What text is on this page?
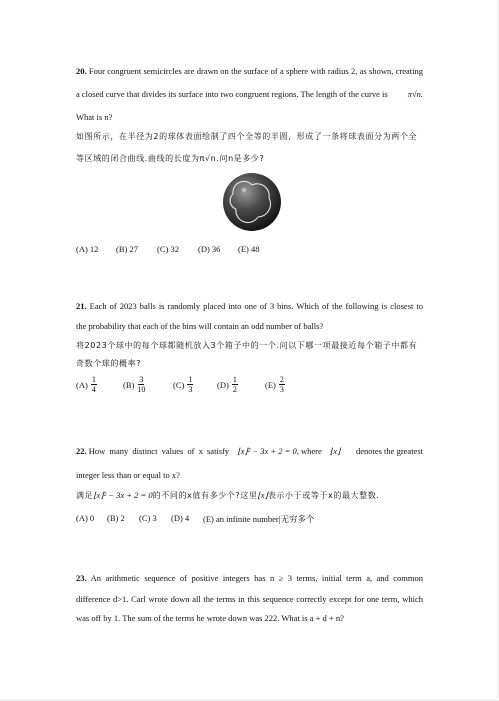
20. Four congruent semicircles are drawn on the surface of a sphere with radius 2, as shown, creating
a closed curve that divides its surface into two congruent regions. The length of the curve is π√n.
What is n?
如图所示，在半径为2的球体表面绘制了四个全等的半圆，形成了一条将球表面分为两个全
等区域的闭合曲线.曲线的长度为π√n.问n是多少?
(A) 12 (B) 27 (C) 32 (D) 36 (E) 48
21. Each of 2023 balls is randomly placed into one of 3 bins. Which of the following is closest to
the probability that each of the bins will contain an odd number of balls?
将2023个球中的每个球都随机放入3个箱子中的一个.问以下哪一项最接近每个箱子中都有
奇数个球的概率?
$(A) \frac{1}{4}$	$(B) \frac{3}{10}$	$(C) \frac{1}{3}$	$(D) \frac{1}{2}$	$(E) \frac{2}{3}$
22. How many distinct values of x satisfy ⌊x⌋² − 3x + 2 = 0, where ⌊x⌋ denotes the greatest
integer less than or equal to x?
满足⌊x⌋² − 3x + 2 = 0的不同的x值有多少个?这里⌊x⌋表示小于或等于x的最大整数.
(A) 0 (B) 2 (C) 3 (D) 4 (E) an infinite number|无穷多个
23. An arithmetic sequence of positive integers has n ≥ 3 terms, initial term a, and common
difference d>1. Carl wrote down all the terms in this sequence correctly except for one term, which
was off by 1. The sum of the terms he wrote down was 222. What is a + d + n?
